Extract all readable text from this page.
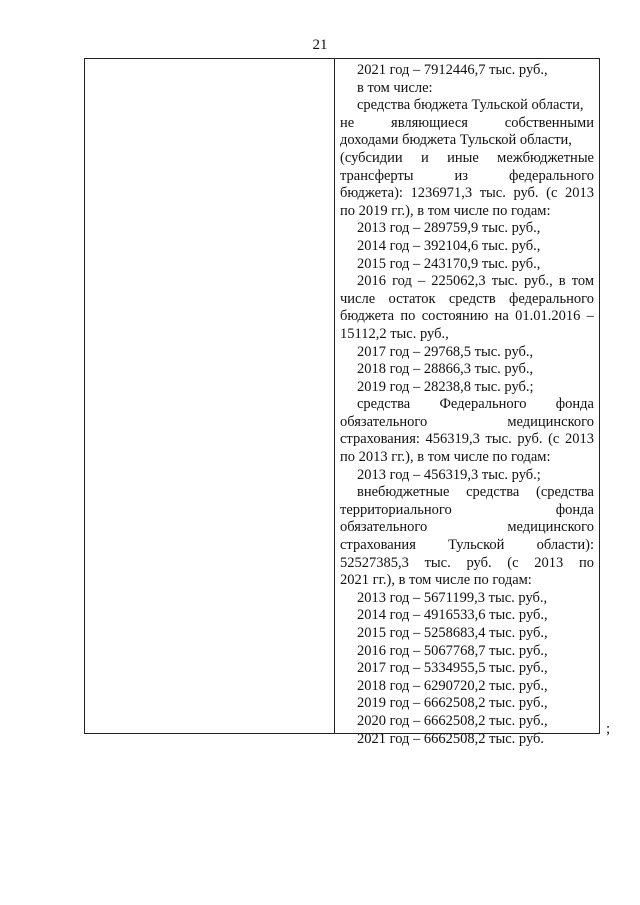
21
2021 год – 7912446,7 тыс. руб.,
в том числе:
средства бюджета Тульской области,
не являющиеся собственными
доходами бюджета Тульской области,
(субсидии и иные межбюджетные
трансферты из федерального
бюджета): 1236971,3 тыс. руб. (с 2013
по 2019 гг.), в том числе по годам:
2013 год – 289759,9 тыс. руб.,
2014 год – 392104,6 тыс. руб.,
2015 год – 243170,9 тыс. руб.,
2016 год – 225062,3 тыс. руб., в том
числе остаток средств федерального
бюджета по состоянию на 01.01.2016 –
15112,2 тыс. руб.,
2017 год – 29768,5 тыс. руб.,
2018 год – 28866,3 тыс. руб.,
2019 год – 28238,8 тыс. руб.;
средства Федерального фонда
обязательного медицинского
страхования: 456319,3 тыс. руб. (с 2013
по 2013 гг.), в том числе по годам:
2013 год – 456319,3 тыс. руб.;
внебюджетные средства (средства
территориального фонда
обязательного медицинского
страхования Тульской области):
52527385,3 тыс. руб. (с 2013 по
2021 гг.), в том числе по годам:
2013 год – 5671199,3 тыс. руб.,
2014 год – 4916533,6 тыс. руб.,
2015 год – 5258683,4 тыс. руб.,
2016 год – 5067768,7 тыс. руб.,
2017 год – 5334955,5 тыс. руб.,
2018 год – 6290720,2 тыс. руб.,
2019 год – 6662508,2 тыс. руб.,
2020 год – 6662508,2 тыс. руб.,
2021 год – 6662508,2 тыс. руб.
;
